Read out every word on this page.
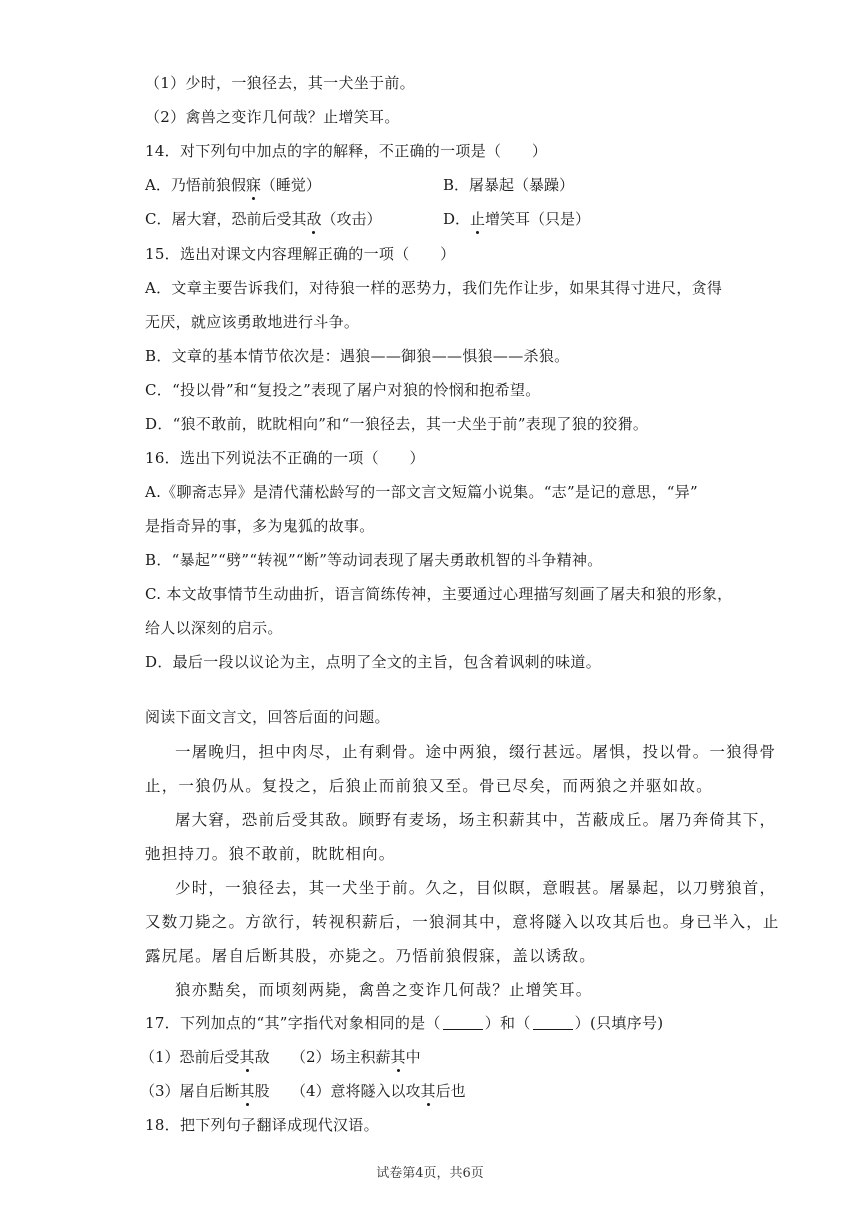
（1）少时，一狼径去，其一犬坐于前。
（2）禽兽之变诈几何哉？止增笑耳。
14．对下列句中加点的字的解释，不正确的一项是（　　）
A．乃悟前狼假寐（睡觉）	B．屠暴起（暴躁）
C．屠大窘，恐前后受其敌（攻击）	D．止增笑耳（只是）
15．选出对课文内容理解正确的一项（　　）
A．文章主要告诉我们，对待狼一样的恶势力，我们先作让步，如果其得寸进尺，贪得
无厌，就应该勇敢地进行斗争。
B．文章的基本情节依次是：遇狼——御狼——惧狼——杀狼。
C．“投以骨”和“复投之”表现了屠户对狼的怜悯和抱希望。
D．“狼不敢前，眈眈相向”和“一狼径去，其一犬坐于前”表现了狼的狡猾。
16．选出下列说法不正确的一项（　　）
A.《聊斋志异》是清代蒲松龄写的一部文言文短篇小说集。“志”是记的意思，“异”
是指奇异的事，多为鬼狐的故事。
B．“暴起”“劈”“转视”“断”等动词表现了屠夫勇敢机智的斗争精神。
C. 本文故事情节生动曲折，语言简练传神，主要通过心理描写刻画了屠夫和狼的形象，
给人以深刻的启示。
D．最后一段以议论为主，点明了全文的主旨，包含着讽刺的味道。
阅读下面文言文，回答后面的问题。
一屠晚归，担中肉尽，止有剩骨。途中两狼，缀行甚远。屠惧，投以骨。一狼得骨
止，一狼仍从。复投之，后狼止而前狼又至。骨已尽矣，而两狼之并驱如故。
屠大窘，恐前后受其敌。顾野有麦场，场主积薪其中，苫蔽成丘。屠乃奔倚其下，
弛担持刀。狼不敢前，眈眈相向。
少时，一狼径去，其一犬坐于前。久之，目似瞑，意暇甚。屠暴起，以刀劈狼首，
又数刀毙之。方欲行，转视积薪后，一狼洞其中，意将隧入以攻其后也。身已半入，止
露尻尾。屠自后断其股，亦毙之。乃悟前狼假寐，盖以诱敌。
狼亦黠矣，而顷刻两毙，禽兽之变诈几何哉？止增笑耳。
17．下列加点的“其”字指代对象相同的是（	）和（	）(只填序号)
（1）恐前后受其敌 （2）场主积薪其中
（3）屠自后断其股 （4）意将隧入以攻其后也
18．把下列句子翻译成现代汉语。
试卷第4页，共6页
